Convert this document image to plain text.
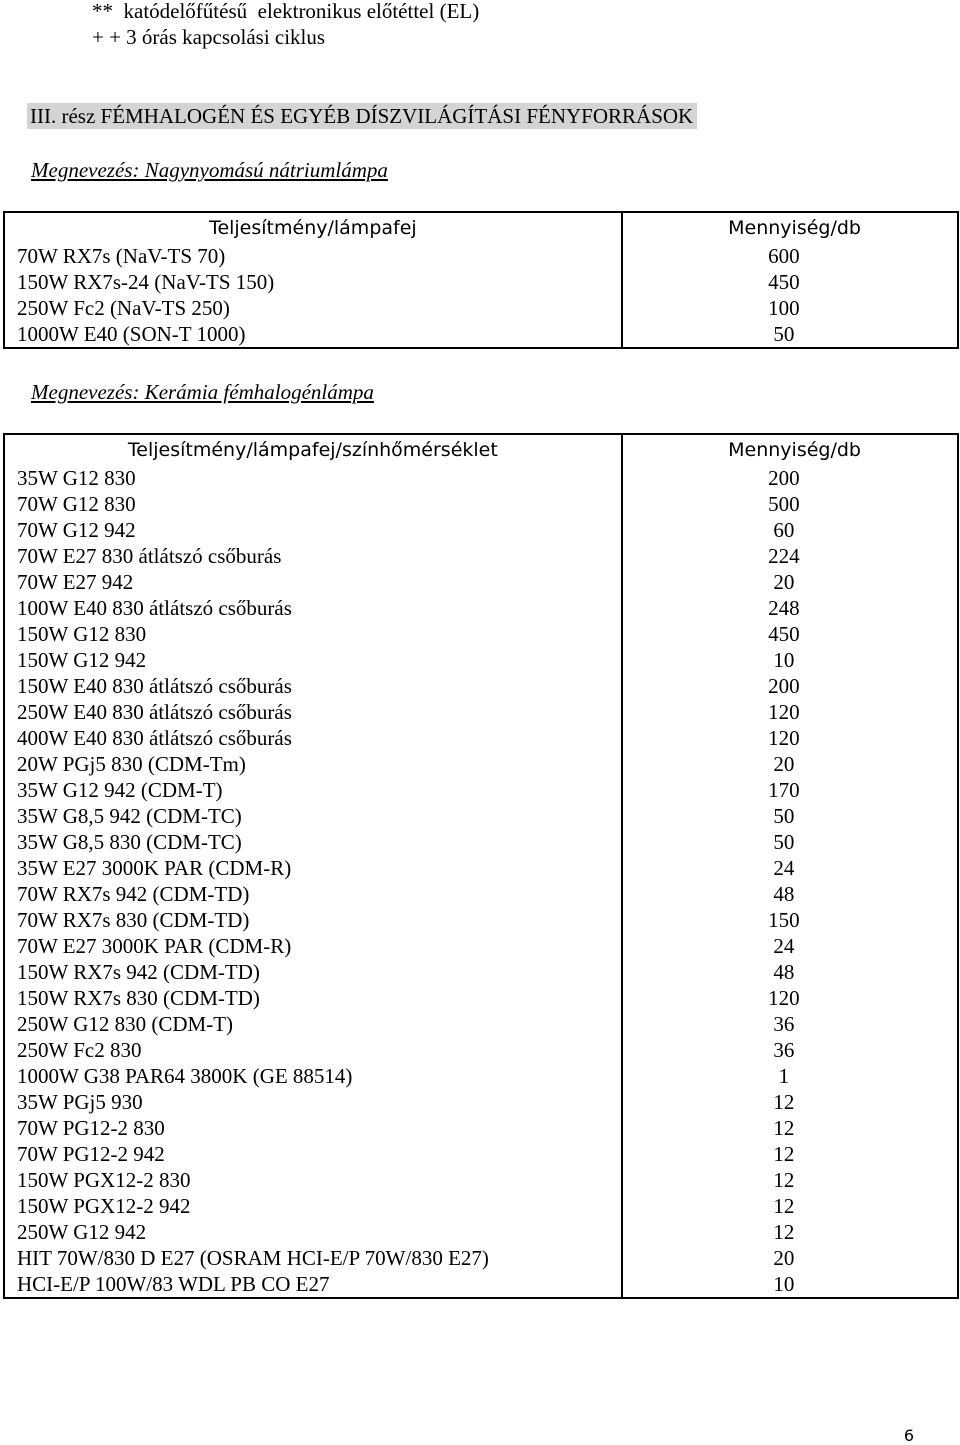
**  katódelőfűtésű  elektronikus előtéttel (EL)
+ + 3 órás kapcsolási ciklus
III. rész FÉMHALOGÉN ÉS EGYÉB DÍSZVILÁGÍTÁSI FÉNYFORRÁSOK
Megnevezés: Nagynyomású nátriumlámpa
Teljesítmény/lámpafej	Mennyiség/db
70W RX7s (NaV-TS 70)	600
150W RX7s-24 (NaV-TS 150)	450
250W Fc2 (NaV-TS 250)	100
1000W E40 (SON-T 1000)	50
Megnevezés: Kerámia fémhalogénlámpa
Teljesítmény/lámpafej/színhőmérséklet	Mennyiség/db
35W G12 830	200
70W G12 830	500
70W G12 942	60
70W E27 830 átlátszó csőburás	224
70W E27 942	20
100W E40 830 átlátszó csőburás	248
150W G12 830	450
150W G12 942	10
150W E40 830 átlátszó csőburás	200
250W E40 830 átlátszó csőburás	120
400W E40 830 átlátszó csőburás	120
20W PGj5 830 (CDM-Tm)	20
35W G12 942 (CDM-T)	170
35W G8,5 942 (CDM-TC)	50
35W G8,5 830 (CDM-TC)	50
35W E27 3000K PAR (CDM-R)	24
70W RX7s 942 (CDM-TD)	48
70W RX7s 830 (CDM-TD)	150
70W E27 3000K PAR (CDM-R)	24
150W RX7s 942 (CDM-TD)	48
150W RX7s 830 (CDM-TD)	120
250W G12 830 (CDM-T)	36
250W Fc2 830	36
1000W G38 PAR64 3800K (GE 88514)	1
35W PGj5 930	12
70W PG12-2 830	12
70W PG12-2 942	12
150W PGX12-2 830	12
150W PGX12-2 942	12
250W G12 942	12
HIT 70W/830 D E27 (OSRAM HCI-E/P 70W/830 E27)	20
HCI-E/P 100W/83 WDL PB CO E27	10
6
